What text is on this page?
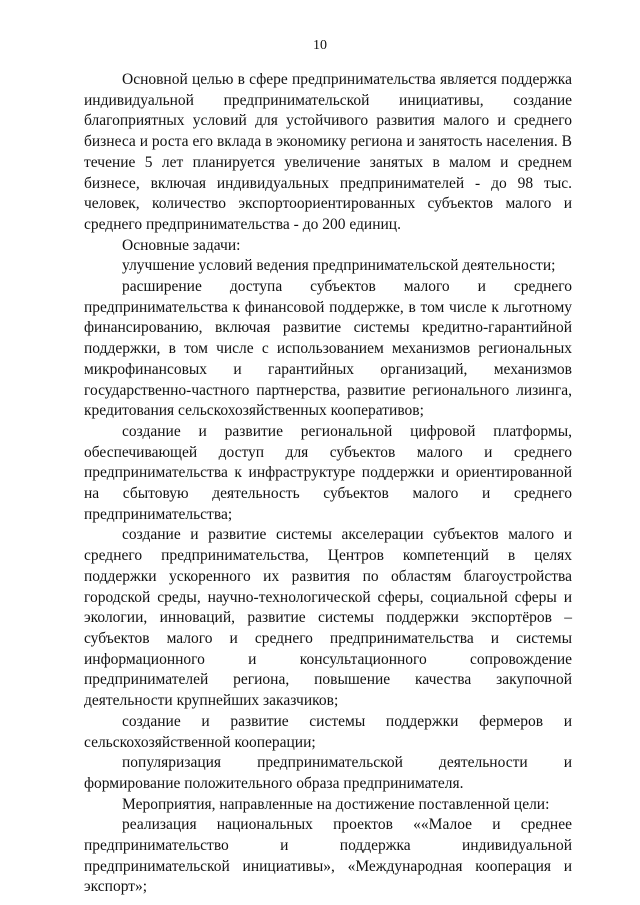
10

Основной целью в сфере предпринимательства является поддержка индивидуальной предпринимательской инициативы, создание благоприятных условий для устойчивого развития малого и среднего бизнеса и роста его вклада в экономику региона и занятость населения. В течение 5 лет планируется увеличение занятых в малом и среднем бизнесе, включая индивидуальных предпринимателей - до 98 тыс. человек, количество экспортоориентированных субъектов малого и среднего предпринимательства - до 200 единиц.

Основные задачи:

улучшение условий ведения предпринимательской деятельности;

расширение доступа субъектов малого и среднего предпринимательства к финансовой поддержке, в том числе к льготному финансированию, включая развитие системы кредитно-гарантийной поддержки, в том числе с использованием механизмов региональных микрофинансовых и гарантийных организаций, механизмов государственно-частного партнерства, развитие регионального лизинга, кредитования сельскохозяйственных кооперативов;

создание и развитие региональной цифровой платформы, обеспечивающей доступ для субъектов малого и среднего предпринимательства к инфраструктуре поддержки и ориентированной на сбытовую деятельность субъектов малого и среднего предпринимательства;

создание и развитие системы акселерации субъектов малого и среднего предпринимательства, Центров компетенций в целях поддержки ускоренного их развития по областям благоустройства городской среды, научно-технологической сферы, социальной сферы и экологии, инноваций, развитие системы поддержки экспортёров – субъектов малого и среднего предпринимательства и системы информационного и консультационного сопровождение предпринимателей региона, повышение качества закупочной деятельности крупнейших заказчиков;

создание и развитие системы поддержки фермеров и сельскохозяйственной кооперации;

популяризация предпринимательской деятельности и формирование положительного образа предпринимателя.

Мероприятия, направленные на достижение поставленной цели:

реализация национальных проектов ««Малое и среднее предпринимательство и поддержка индивидуальной предпринимательской инициативы», «Международная кооперация и экспорт»;
